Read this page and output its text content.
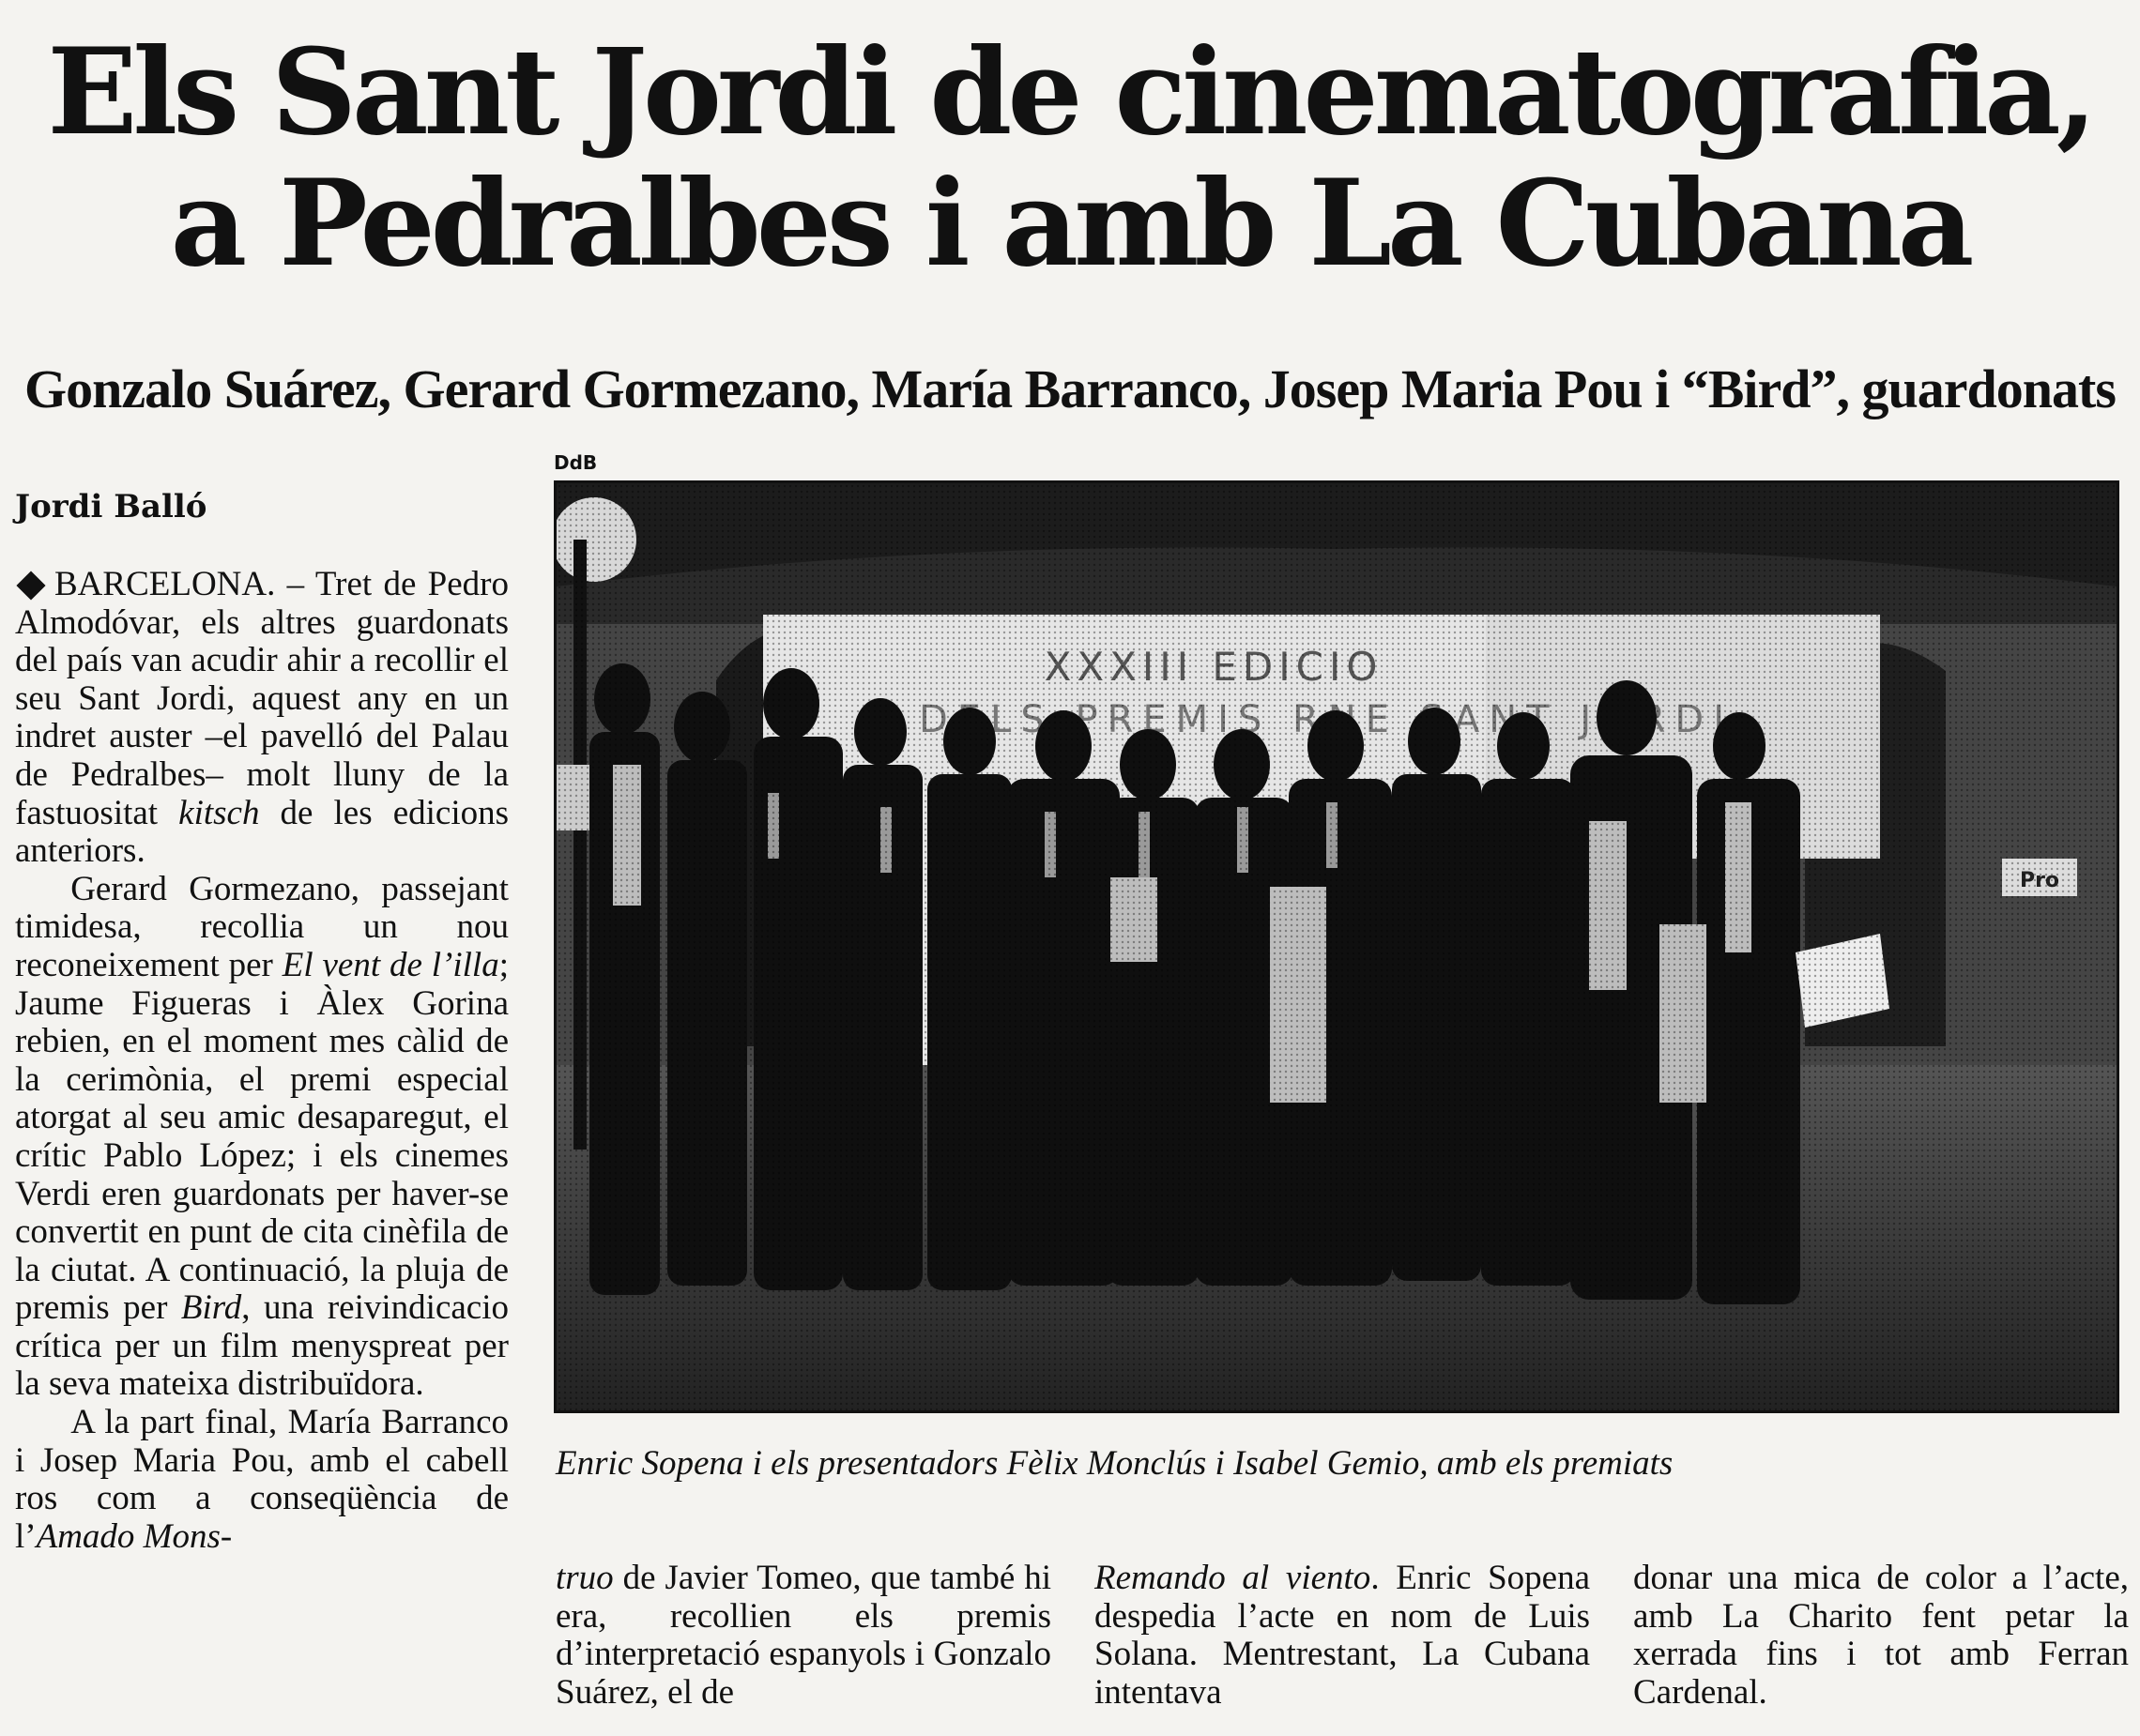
Els Sant Jordi de cinematografia,
a Pedralbes i amb La Cubana
Gonzalo Suárez, Gerard Gormezano, María Barranco, Josep Maria Pou i “Bird”, guardonats
Jordi Balló

BARCELONA. – Tret de Pedro Almodóvar, els altres guardonats del país van acudir ahir a recollir el seu Sant Jordi, aquest any en un indret auster –el pavelló del Palau de Pedralbes– molt lluny de la fastuositat kitsch de les edicions anteriors.

Gerard Gormezano, passejant timidesa, recollia un nou reconeixement per El vent de l’illa; Jaume Figueras i Àlex Gorina rebien, en el moment mes càlid de la cerimònia, el premi especial atorgat al seu amic desaparegut, el crític Pablo López; i els cinemes Verdi eren guardonats per haver-se convertit en punt de cita cinèfila de la ciutat. A continuació, la pluja de premis per Bird, una reivindicacio crítica per un film menyspreat per la seva mateixa distribuïdora.

A la part final, María Barranco i Josep Maria Pou, amb el cabell ros com a conseqüència de l’Amado Mons-

DdB
Enric Sopena i els presentadors Fèlix Monclús i Isabel Gemio, amb els premiats

truo de Javier Tomeo, que també hi era, recollien els premis d’interpretació espanyols i Gonzalo Suárez, el de

Remando al viento. Enric Sopena despedia l’acte en nom de Luis Solana. Mentrestant, La Cubana intentava

donar una mica de color a l’acte, amb La Charito fent petar la xerrada fins i tot amb Ferran Cardenal.
